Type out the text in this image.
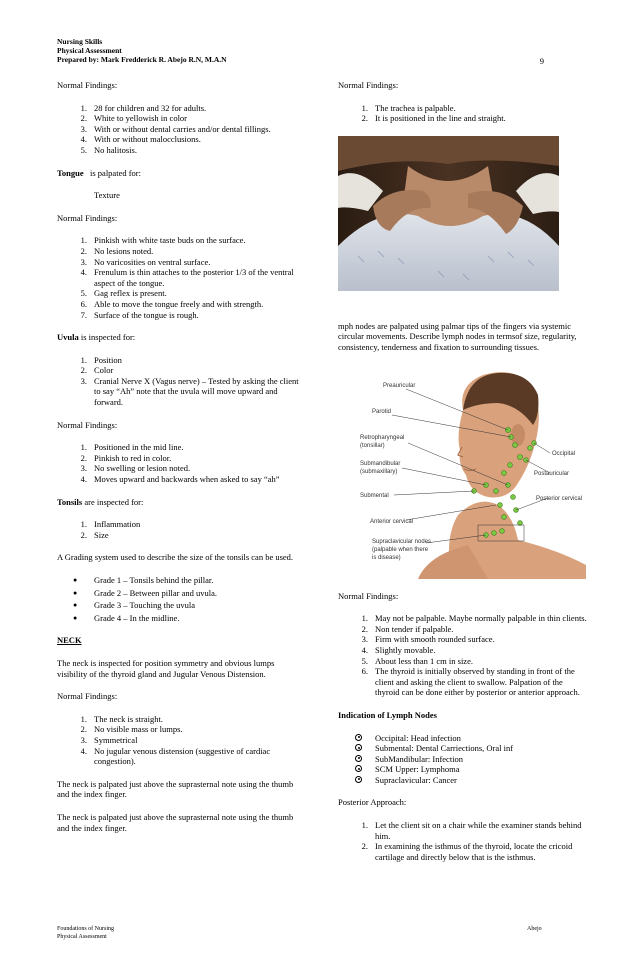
Nursing Skills
Physical Assessment
Prepared by: Mark Fredderick R. Abejo R.N, M.A.N	9

Normal Findings:

1. 28 for children and 32 for adults.
2. White to yellowish in color
3. With or without dental carries and/or dental fillings.
4. With or without malocclusions.
5. No halitosis.

Tongue is palpated for:

Texture

Normal Findings:

1. Pinkish with white taste buds on the surface.
2. No lesions noted.
3. No varicosities on ventral surface.
4. Frenulum is thin attaches to the posterior 1/3 of the ventral aspect of the tongue.
5. Gag reflex is present.
6. Able to move the tongue freely and with strength.
7. Surface of the tongue is rough.

Uvula is inspected for:

1. Position
2. Color
3. Cranial Nerve X (Vagus nerve) – Tested by asking the client to say “Ah” note that the uvula will move upward and forward.

Normal Findings:

1. Positioned in the mid line.
2. Pinkish to red in color.
3. No swelling or lesion noted.
4. Moves upward and backwards when asked to say “ah”

Tonsils are inspected for:

1. Inflammation
2. Size

A Grading system used to describe the size of the tonsils can be used.

● Grade 1 – Tonsils behind the pillar.
● Grade 2 – Between pillar and uvula.
● Grade 3 – Touching the uvula
● Grade 4 – In the midline.

NECK

The neck is inspected for position symmetry and obvious lumps visibility of the thyroid gland and Jugular Venous Distension.

Normal Findings:

1. The neck is straight.
2. No visible mass or lumps.
3. Symmetrical
4. No jugular venous distension (suggestive of cardiac congestion).

The neck is palpated just above the suprasternal note using the thumb and the index finger.

The neck is palpated just above the suprasternal note using the thumb and the index finger.

Normal Findings:

1. The trachea is palpable.
2. It is positioned in the line and straight.

mph nodes are palpated using palmar tips of the fingers via systemic circular movements. Describe lymph nodes in termsof size, regularity, consistency, tenderness and fixation to surrounding tissues.

Preauricular
Parotid
Retropharyngeal
(tonsillar)
Submandibular
(submaxillary)
Submental
Anterior cervical
Supraclavicular nodes
(palpable when there
is disease)
Occipital
Postauricular
Posterior cervical

Normal Findings:

1. May not be palpable. Maybe normally palpable in thin clients.
2. Non tender if palpable.
3. Firm with smooth rounded surface.
4. Slightly movable.
5. About less than 1 cm in size.
6. The thyroid is initially observed by standing in front of the client and asking the client to swallow. Palpation of the thyroid can be done either by posterior or anterior approach.

Indication of Lymph Nodes

Occipital: Head infection
Submental: Dental Carriections, Oral inf
SubMandibular: Infection
SCM Upper: Lymphoma
Supraclavicular: Cancer

Posterior Approach:

1. Let the client sit on a chair while the examiner stands behind him.
2. In examining the isthmus of the thyroid, locate the cricoid cartilage and directly below that is the isthmus.
Foundations of Nursing
Physical Assessment
Abejo
